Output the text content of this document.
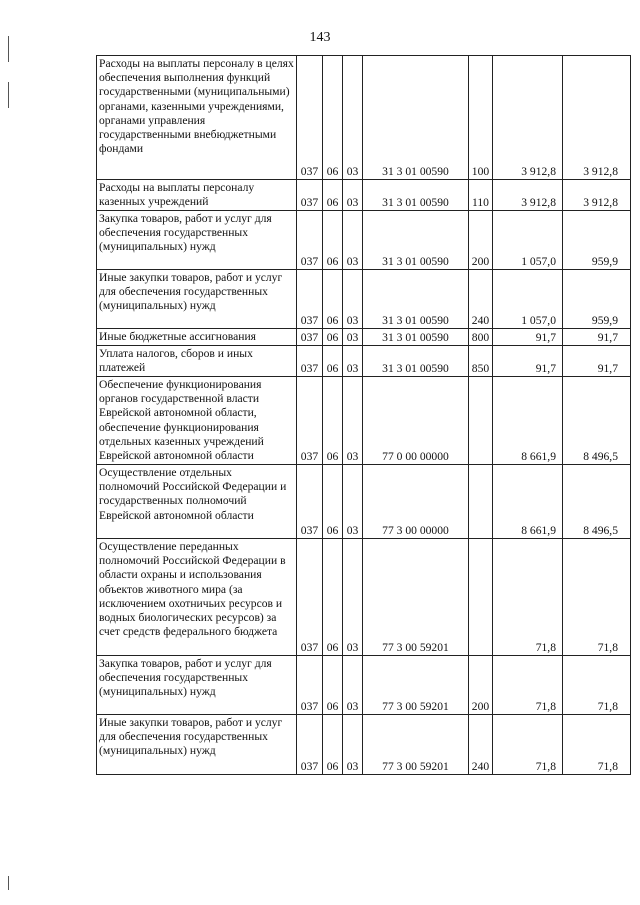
143
Расходы на выплаты персоналу в целях обеспечения выполнения функций государственными (муниципальными) органами, казенными учреждениями, органами управления государственными внебюджетными фондами	037	06	03	31 3 01 00590	100	3 912,8	3 912,8
Расходы на выплаты персоналу казенных учреждений	037	06	03	31 3 01 00590	110	3 912,8	3 912,8
Закупка товаров, работ и услуг для обеспечения государственных (муниципальных) нужд	037	06	03	31 3 01 00590	200	1 057,0	959,9
Иные закупки товаров, работ и услуг для обеспечения государственных (муниципальных) нужд	037	06	03	31 3 01 00590	240	1 057,0	959,9
Иные бюджетные ассигнования	037	06	03	31 3 01 00590	800	91,7	91,7
Уплата налогов, сборов и иных платежей	037	06	03	31 3 01 00590	850	91,7	91,7
Обеспечение функционирования органов государственной власти Еврейской автономной области, обеспечение функционирования отдельных казенных учреждений Еврейской автономной области	037	06	03	77 0 00 00000		8 661,9	8 496,5
Осуществление отдельных полномочий Российской Федерации и государственных полномочий Еврейской автономной области	037	06	03	77 3 00 00000		8 661,9	8 496,5
Осуществление переданных полномочий Российской Федерации в области охраны и использования объектов животного мира (за исключением охотничьих ресурсов и водных биологических ресурсов) за счет средств федерального бюджета	037	06	03	77 3 00 59201		71,8	71,8
Закупка товаров, работ и услуг для обеспечения государственных (муниципальных) нужд	037	06	03	77 3 00 59201	200	71,8	71,8
Иные закупки товаров, работ и услуг для обеспечения государственных (муниципальных) нужд	037	06	03	77 3 00 59201	240	71,8	71,8
